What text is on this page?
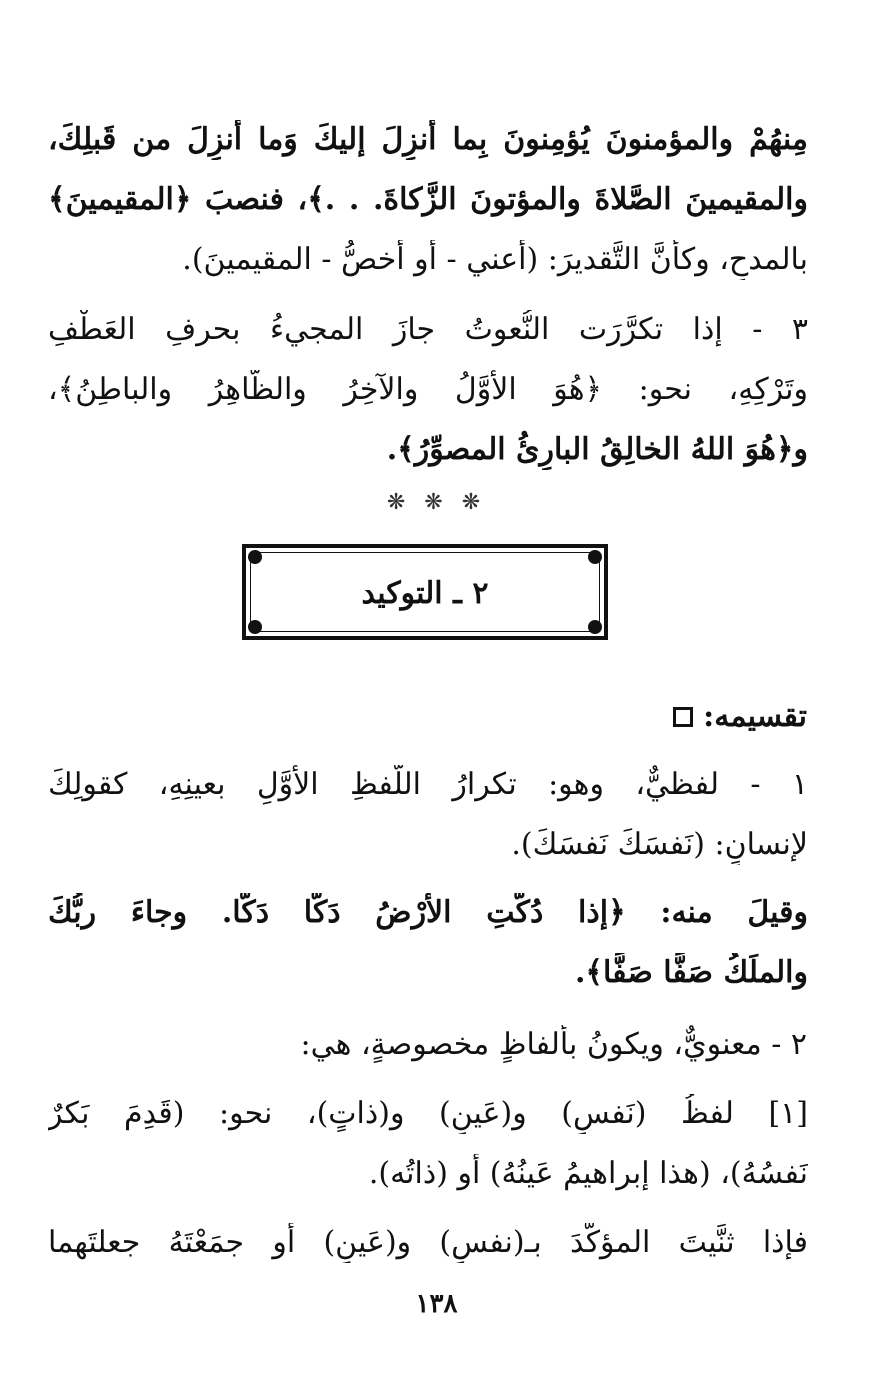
مِنهُمْ والمؤمنونَ يُؤمِنونَ بِما أُنزِلَ إليكَ وَما أُنزِلَ من قَبلِكَ،
والمقيمينَ الصَّلاةَ والمؤتونَ الزَّكاةَ. . .﴾، فنصبَ ﴿المقيمينَ﴾
بالمدحِ، وكأنَّ التَّقديرَ: (أعني - أو أخصُّ - المقيمينَ).
٣ - إذا تكرَّرَت النُّعوتُ جازَ المجيءُ بحرفِ العَطْفِ
وتَرْكِهِ، نحو: ﴿هُوَ الأوَّلُ والآخِرُ والظَّاهِرُ والباطِنُ﴾،
و﴿هُوَ اللهُ الخالِقُ البارِئُ المصوِّرُ﴾.
❋ ❋ ❋
٢ ـ التوكيد
تقسيمه:
١ - لفظيٌّ، وهو: تكرارُ اللَّفظِ الأوَّلِ بعينِهِ، كقولِكَ
لإنسانٍ: (نَفسَكَ نَفسَكَ).
وقيلَ منه: ﴿إذا دُكَّتِ الأرْضُ دَكًّا دَكًّا. وجاءَ ربُّكَ
والملَكُ صَفًّا صَفًّا﴾.
٢ - معنويٌّ، ويكونُ بألفاظٍ مخصوصةٍ، هي:
[١] لفظُ (نَفسٍ) و(عَينٍ) و(ذاتٍ)، نحو: (قَدِمَ بَكرٌ
نَفسُهُ)، (هذا إبراهيمُ عَينُهُ) أو (ذاتُه).
فإذا ثنَّيتَ المؤكَّدَ بـ(نفسٍ) و(عَينٍ) أو جمَعْتَهُ جعلتَهما
١٣٨
